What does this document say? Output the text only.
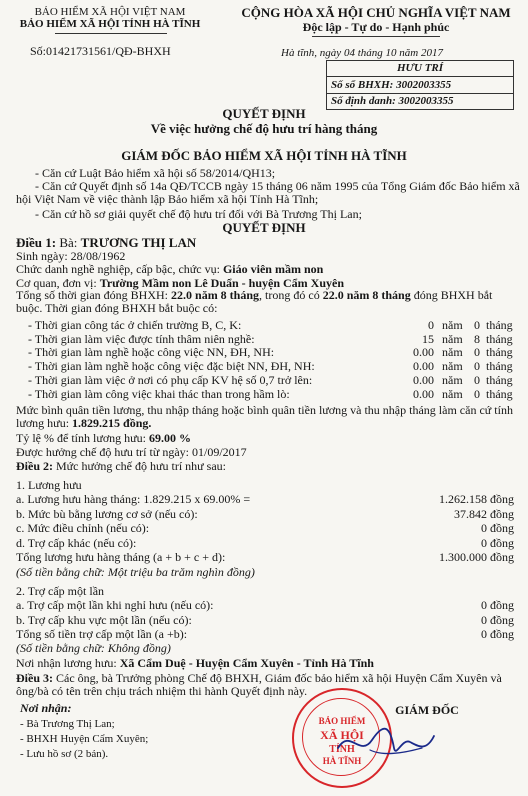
BẢO HIỂM XÃ HỘI VIỆT NAM
BẢO HIỂM XÃ HỘI TỈNH HÀ TĨNH
CỘNG HÒA XÃ HỘI CHỦ NGHĨA VIỆT NAM
Độc lập - Tự do - Hạnh phúc
Số:01421731561/QĐ-BHXH	Hà tĩnh, ngày 04 tháng 10 năm 2017
HƯU TRÍ
Số sổ BHXH: 3002003355
Số định danh: 3002003355
QUYẾT ĐỊNH
Về việc hưởng chế độ hưu trí hàng tháng
GIÁM ĐỐC BẢO HIỂM XÃ HỘI TỈNH HÀ TĨNH
- Căn cứ Luật Bảo hiểm xã hội số 58/2014/QH13;
- Căn cứ Quyết định số 14a QĐ/TCCB ngày 15 tháng 06 năm 1995 của Tổng Giám đốc Bảo hiểm xã hội Việt Nam về việc thành lập Bảo hiểm xã hội Tỉnh Hà Tĩnh;
- Căn cứ hồ sơ giải quyết chế độ hưu trí đối với Bà Trương Thị Lan;
QUYẾT ĐỊNH
Điều 1: Bà: TRƯƠNG THỊ LAN
Sinh ngày: 28/08/1962
Chức danh nghề nghiệp, cấp bậc, chức vụ: Giáo viên mầm non
Cơ quan, đơn vị: Trường Mầm non Lê Duẩn - huyện Cẩm Xuyên
Tổng số thời gian đóng BHXH: 22.0 năm 8 tháng, trong đó có 22.0 năm 8 tháng đóng BHXH bắt buộc. Thời gian đóng BHXH bắt buộc có:
- Thời gian công tác ở chiến trường B, C, K:	0 năm 0 tháng
- Thời gian làm việc được tính thâm niên nghề:	15 năm 8 tháng
- Thời gian làm nghề hoặc công việc NN, ĐH, NH:	0.00 năm 0 tháng
- Thời gian làm nghề hoặc công việc đặc biệt NN, ĐH, NH:	0.00 năm 0 tháng
- Thời gian làm việc ở nơi có phụ cấp KV hệ số 0,7 trở lên:	0.00 năm 0 tháng
- Thời gian làm công việc khai thác than trong hầm lò:	0.00 năm 0 tháng
Mức bình quân tiền lương, thu nhập tháng hoặc bình quân tiền lương và thu nhập tháng làm căn cứ tính lương hưu: 1.829.215 đồng.
Tỷ lệ % để tính lương hưu: 69.00 %
Được hưởng chế độ hưu trí từ ngày: 01/09/2017
Điều 2: Mức hưởng chế độ hưu trí như sau:
1. Lương hưu
a. Lương hưu hàng tháng: 1.829.215 x 69.00% =	1.262.158 đồng
b. Mức bù bằng lương cơ sở (nếu có):	37.842 đồng
c. Mức điều chỉnh (nếu có):	0 đồng
d. Trợ cấp khác (nếu có):	0 đồng
Tổng lương hưu hàng tháng (a + b + c + d):	1.300.000 đồng
(Số tiền bằng chữ: Một triệu ba trăm nghìn đồng)
2. Trợ cấp một lần
a. Trợ cấp một lần khi nghỉ hưu (nếu có):	0 đồng
b. Trợ cấp khu vực một lần (nếu có):	0 đồng
Tổng số tiền trợ cấp một lần (a +b):	0 đồng
(Số tiền bằng chữ: Không đồng)
Nơi nhận lương hưu: Xã Cẩm Duệ - Huyện Cẩm Xuyên - Tỉnh Hà Tĩnh
Điều 3: Các ông, bà Trưởng phòng Chế độ BHXH, Giám đốc bảo hiểm xã hội Huyện Cẩm Xuyên và ông/bà có tên trên chịu trách nhiệm thi hành Quyết định này.
Nơi nhận:
- Bà Trương Thị Lan;
- BHXH Huyện Cẩm Xuyên;
- Lưu hồ sơ (2 bản).
GIÁM ĐỐC
BẢO HIỂM
XÃ HỘI
TỈNH
HÀ TĨNH
